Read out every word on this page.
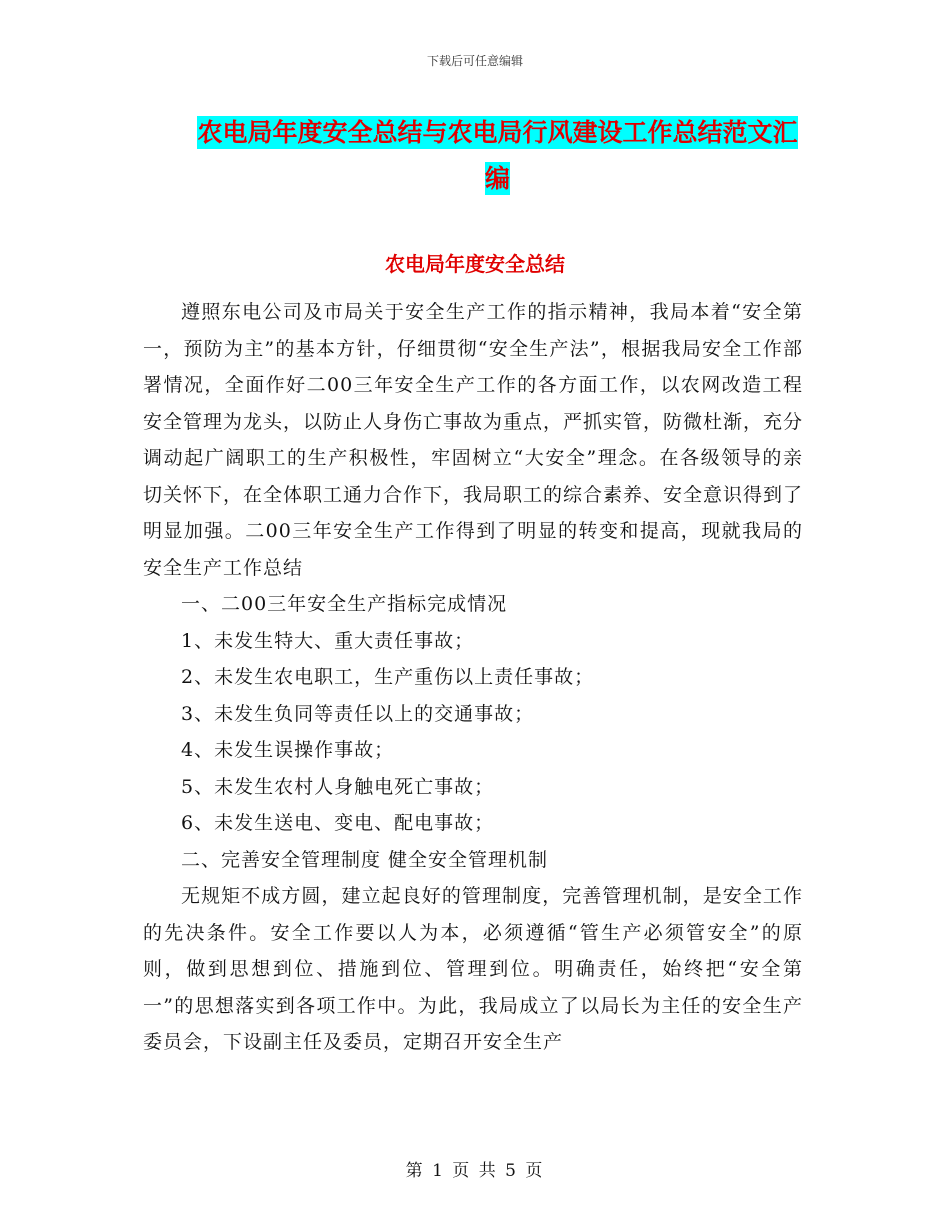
下载后可任意编辑
农电局年度安全总结与农电局行风建设工作总结范文汇编
农电局年度安全总结

遵照东电公司及市局关于安全生产工作的指示精神，我局本着“安全第一，预防为主”的基本方针，仔细贯彻“安全生产法”，根据我局安全工作部署情况，全面作好二00三年安全生产工作的各方面工作，以农网改造工程安全管理为龙头，以防止人身伤亡事故为重点，严抓实管，防微杜渐，充分调动起广阔职工的生产积极性，牢固树立“大安全”理念。在各级领导的亲切关怀下，在全体职工通力合作下，我局职工的综合素养、安全意识得到了明显加强。二00三年安全生产工作得到了明显的转变和提高，现就我局的安全生产工作总结

一、二00三年安全生产指标完成情况

1、未发生特大、重大责任事故；

2、未发生农电职工，生产重伤以上责任事故；

3、未发生负同等责任以上的交通事故；

4、未发生误操作事故；

5、未发生农村人身触电死亡事故；

6、未发生送电、变电、配电事故；

二、完善安全管理制度 健全安全管理机制

无规矩不成方圆，建立起良好的管理制度，完善管理机制，是安全工作的先决条件。安全工作要以人为本，必须遵循“管生产必须管安全”的原则，做到思想到位、措施到位、管理到位。明确责任，始终把“安全第一”的思想落实到各项工作中。为此，我局成立了以局长为主任的安全生产委员会，下设副主任及委员，定期召开安全生产

第 1 页 共 5 页
